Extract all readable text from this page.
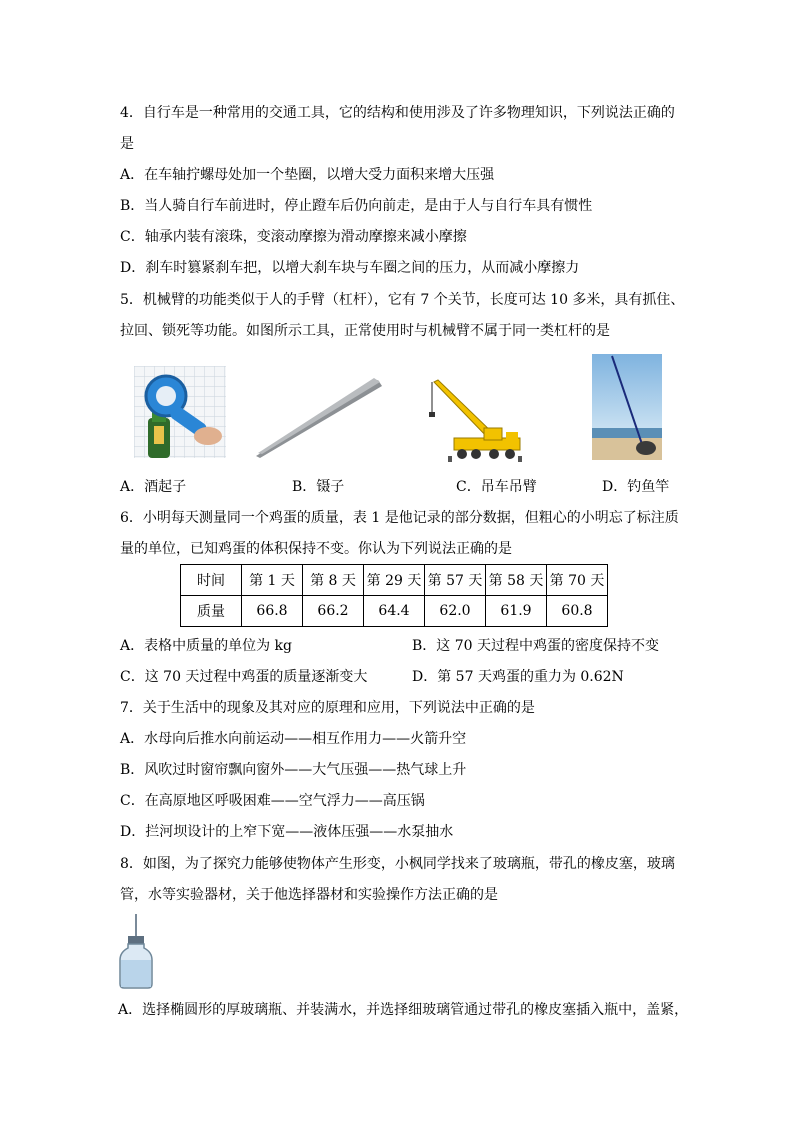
4．自行车是一种常用的交通工具，它的结构和使用涉及了许多物理知识，下列说法正确的
是
A．在车轴拧螺母处加一个垫圈，以增大受力面积来增大压强
B．当人骑自行车前进时，停止蹬车后仍向前走，是由于人与自行车具有惯性
C．轴承内装有滚珠，变滚动摩擦为滑动摩擦来减小摩擦
D．刹车时篡紧刹车把，以增大刹车块与车圈之间的压力，从而减小摩擦力
5．机械臂的功能类似于人的手臂（杠杆），它有 7 个关节，长度可达 10 多米，具有抓住、
拉回、锁死等功能。如图所示工具，正常使用时与机械臂不属于同一类杠杆的是
A．酒起子	B．镊子	C．吊车吊臂	D．钓鱼竿
6．小明每天测量同一个鸡蛋的质量，表 1 是他记录的部分数据，但粗心的小明忘了标注质
量的单位，已知鸡蛋的体积保持不变。你认为下列说法正确的是
时间	第 1 天	第 8 天	第 29 天	第 57 天	第 58 天	第 70 天
质量	66.8	66.2	64.4	62.0	61.9	60.8
A．表格中质量的单位为 kg	B．这 70 天过程中鸡蛋的密度保持不变
C．这 70 天过程中鸡蛋的质量逐渐变大	D．第 57 天鸡蛋的重力为 0.62N
7．关于生活中的现象及其对应的原理和应用，下列说法中正确的是
A．水母向后推水向前运动——相互作用力——火箭升空
B．风吹过时窗帘飘向窗外——大气压强——热气球上升
C．在高原地区呼吸困难——空气浮力——高压锅
D．拦河坝设计的上窄下宽——液体压强——水泵抽水
8．如图，为了探究力能够使物体产生形变，小枫同学找来了玻璃瓶，带孔的橡皮塞，玻璃
管，水等实验器材，关于他选择器材和实验操作方法正确的是
A．选择椭圆形的厚玻璃瓶、并装满水，并选择细玻璃管通过带孔的橡皮塞插入瓶中，盖紧，
